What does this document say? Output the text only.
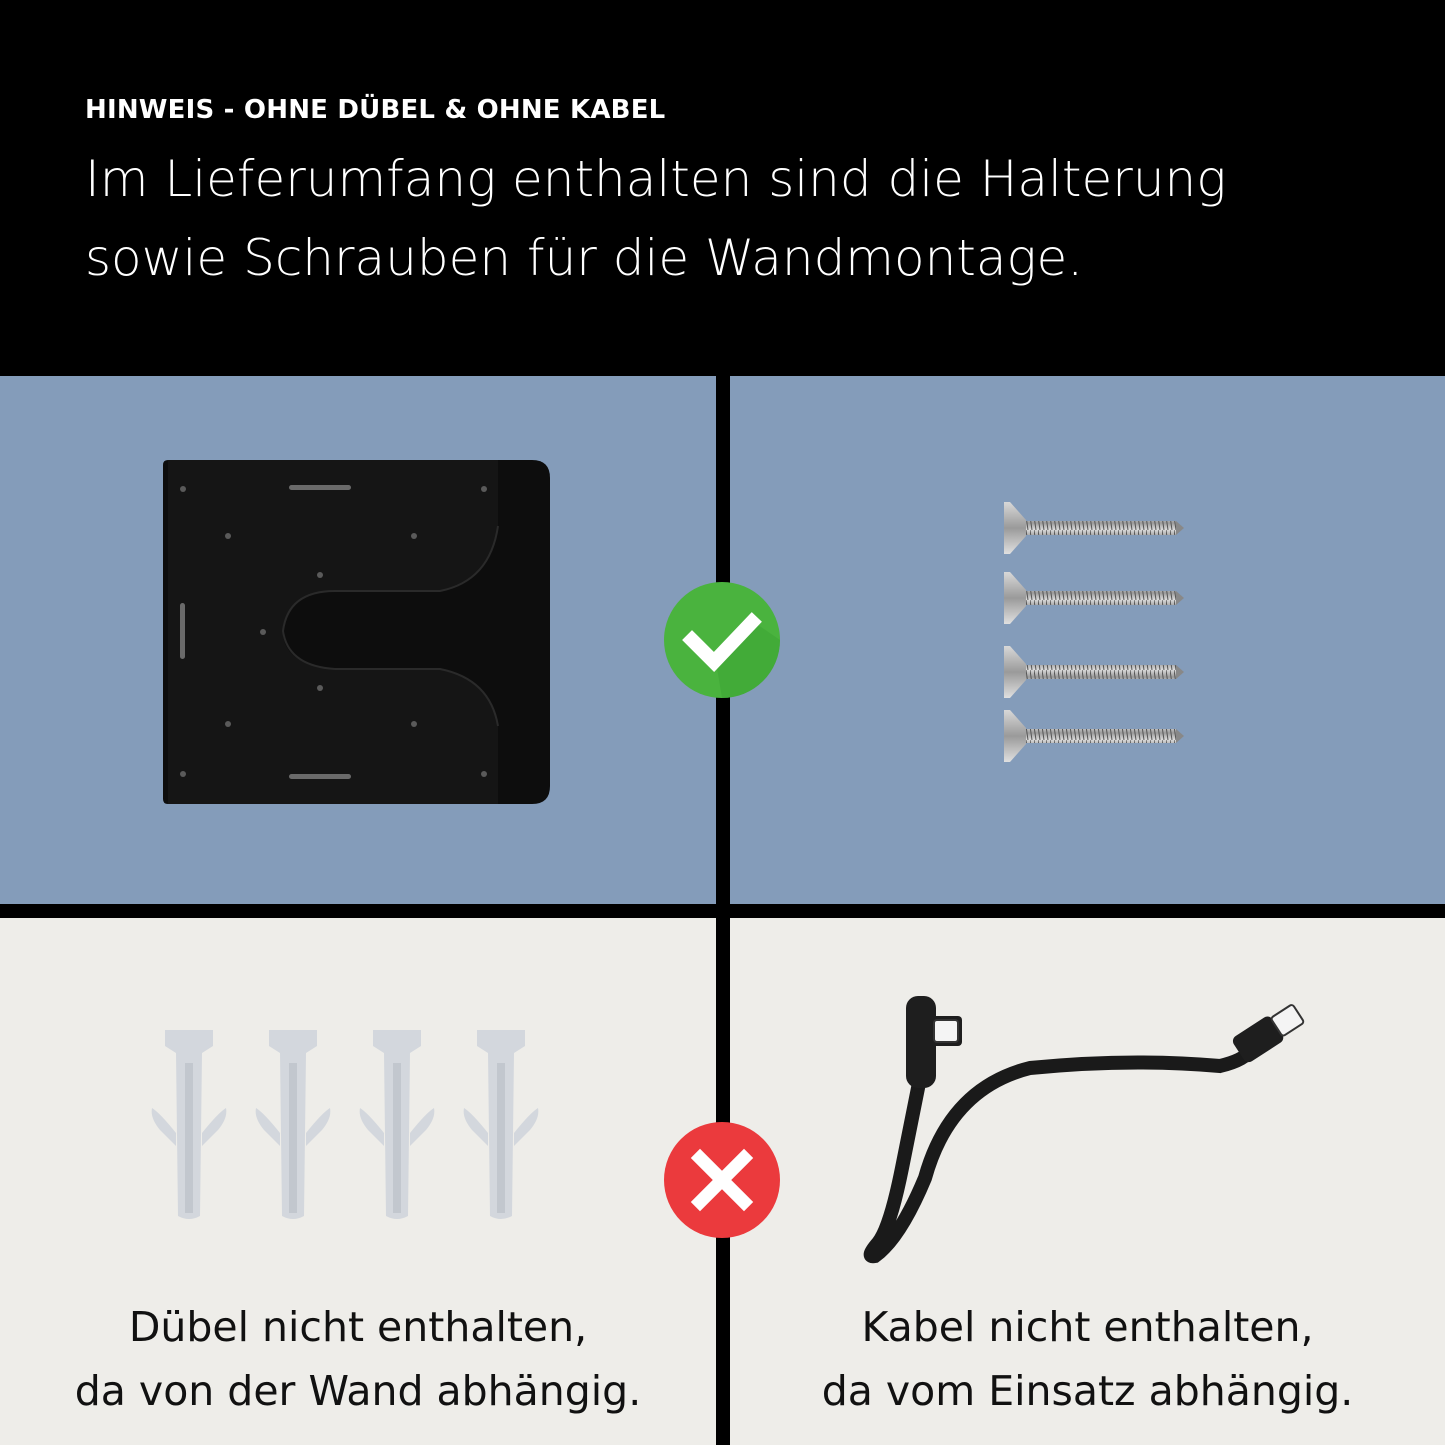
HINWEIS - OHNE DÜBEL & OHNE KABEL
Im Lieferumfang enthalten sind die Halterung
sowie Schrauben für die Wandmontage.
Dübel nicht enthalten,
da von der Wand abhängig.
Kabel nicht enthalten,
da vom Einsatz abhängig.
